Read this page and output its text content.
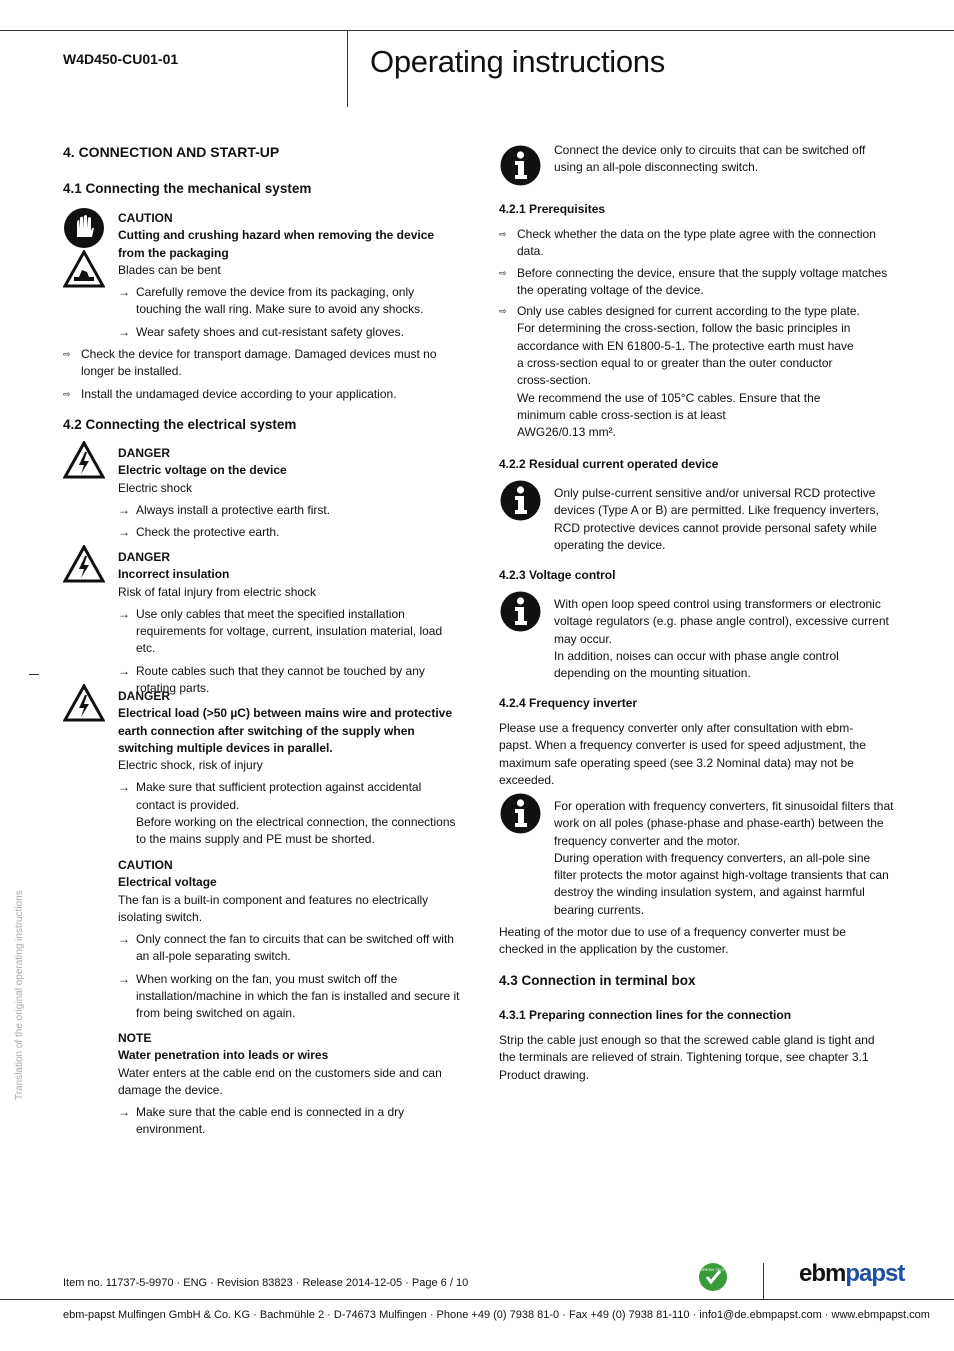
W4D450-CU01-01	Operating instructions
4. CONNECTION AND START-UP
4.1 Connecting the mechanical system
CAUTION
Cutting and crushing hazard when removing the device from the packaging
Blades can be bent
→ Carefully remove the device from its packaging, only touching the wall ring. Make sure to avoid any shocks.
→ Wear safety shoes and cut-resistant safety gloves.
⇨ Check the device for transport damage. Damaged devices must no longer be installed.
⇨ Install the undamaged device according to your application.
4.2 Connecting the electrical system
DANGER
Electric voltage on the device
Electric shock
→ Always install a protective earth first.
→ Check the protective earth.
DANGER
Incorrect insulation
Risk of fatal injury from electric shock
→ Use only cables that meet the specified installation requirements for voltage, current, insulation material, load etc.
→ Route cables such that they cannot be touched by any rotating parts.
DANGER
Electrical load (>50 µC) between mains wire and protective earth connection after switching of the supply when switching multiple devices in parallel.
Electric shock, risk of injury
→ Make sure that sufficient protection against accidental contact is provided.
Before working on the electrical connection, the connections to the mains supply and PE must be shorted.
CAUTION
Electrical voltage
The fan is a built-in component and features no electrically isolating switch.
→ Only connect the fan to circuits that can be switched off with an all-pole separating switch.
→ When working on the fan, you must switch off the installation/machine in which the fan is installed and secure it from being switched on again.
NOTE
Water penetration into leads or wires
Water enters at the cable end on the customers side and can damage the device.
→ Make sure that the cable end is connected in a dry environment.
Connect the device only to circuits that can be switched off using an all-pole disconnecting switch.
4.2.1 Prerequisites
⇨ Check whether the data on the type plate agree with the connection data.
⇨ Before connecting the device, ensure that the supply voltage matches the operating voltage of the device.
⇨ Only use cables designed for current according to the type plate.
For determining the cross-section, follow the basic principles in accordance with EN 61800-5-1. The protective earth must have a cross-section equal to or greater than the outer conductor cross-section.
We recommend the use of 105°C cables. Ensure that the minimum cable cross-section is at least
AWG26/0.13 mm².
4.2.2 Residual current operated device
Only pulse-current sensitive and/or universal RCD protective devices (Type A or B) are permitted. Like frequency inverters, RCD protective devices cannot provide personal safety while operating the device.
4.2.3 Voltage control
With open loop speed control using transformers or electronic voltage regulators (e.g. phase angle control), excessive current may occur.
In addition, noises can occur with phase angle control depending on the mounting situation.
4.2.4 Frequency inverter
Please use a frequency converter only after consultation with ebm-papst. When a frequency converter is used for speed adjustment, the maximum safe operating speed (see 3.2 Nominal data) may not be exceeded.
For operation with frequency converters, fit sinusoidal filters that work on all poles (phase-phase and phase-earth) between the frequency converter and the motor.
During operation with frequency converters, an all-pole sine filter protects the motor against high-voltage transients that can destroy the winding insulation system, and against harmful bearing currents.
Heating of the motor due to use of a frequency converter must be checked in the application by the customer.
4.3 Connection in terminal box
4.3.1 Preparing connection lines for the connection
Strip the cable just enough so that the screwed cable gland is tight and the terminals are relieved of strain. Tightening torque, see chapter 3.1 Product drawing.
Translation of the original operating instructions
Item no. 11737-5-9970 · ENG · Revision 83823 · Release 2014-12-05 · Page 6 / 10
GREEN TECH	ebmpapst
ebm-papst Mulfingen GmbH & Co. KG · Bachmühle 2 · D-74673 Mulfingen · Phone +49 (0) 7938 81-0 · Fax +49 (0) 7938 81-110 · info1@de.ebmpapst.com · www.ebmpapst.com
